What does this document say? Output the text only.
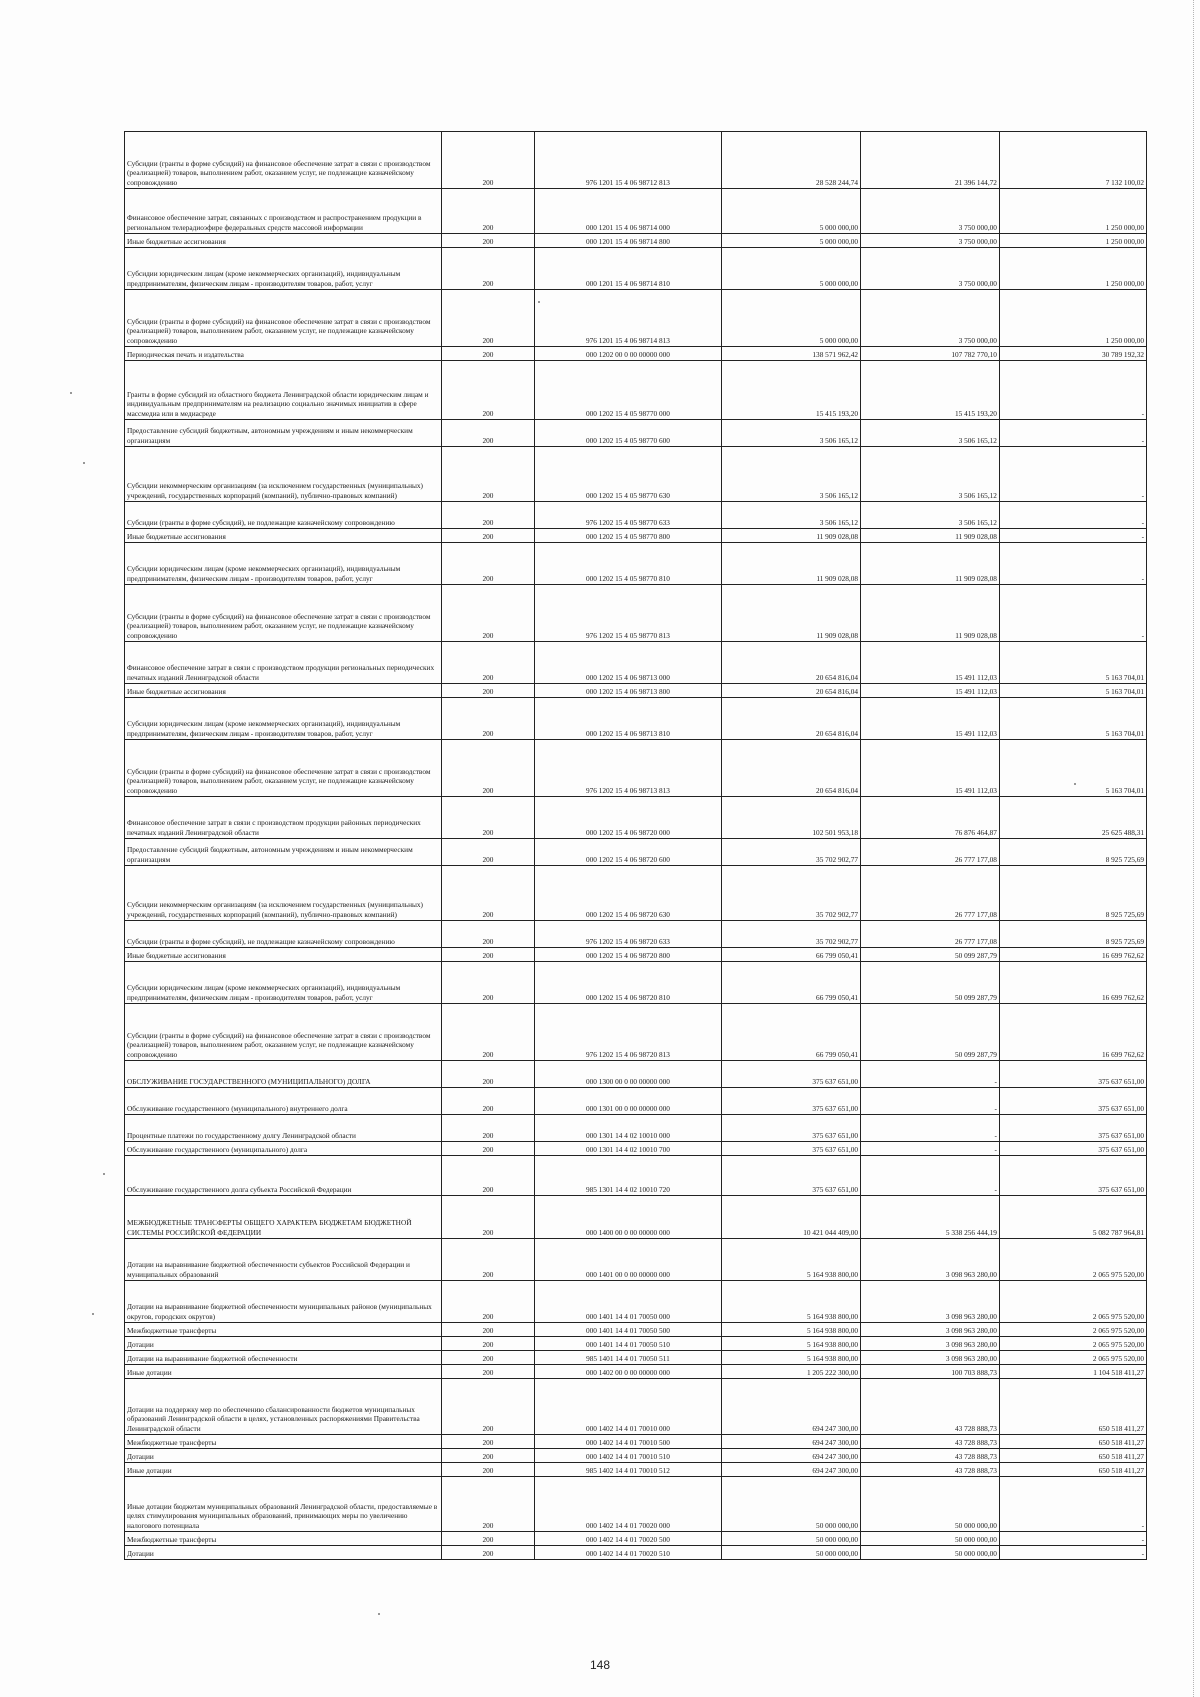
Субсидии (гранты в форме субсидий) на финансовое обеспечение затрат в связи с производством (реализацией) товаров, выполнением работ, оказанием услуг, не подлежащие казначейскому сопровождению	200	976 1201 15 4 06 98712 813	28 528 244,74	21 396 144,72	7 132 100,02
Финансовое обеспечение затрат, связанных с производством и распространением продукции в региональном телерадиоэфире федеральных средств массовой информации	200	000 1201 15 4 06 98714 000	5 000 000,00	3 750 000,00	1 250 000,00
Иные бюджетные ассигнования	200	000 1201 15 4 06 98714 800	5 000 000,00	3 750 000,00	1 250 000,00
Субсидии юридическим лицам (кроме некоммерческих организаций), индивидуальным предпринимателям, физическим лицам - производителям товаров, работ, услуг	200	000 1201 15 4 06 98714 810	5 000 000,00	3 750 000,00	1 250 000,00
Субсидии (гранты в форме субсидий) на финансовое обеспечение затрат в связи с производством (реализацией) товаров, выполнением работ, оказанием услуг, не подлежащие казначейскому сопровождению	200	976 1201 15 4 06 98714 813	5 000 000,00	3 750 000,00	1 250 000,00
Периодическая печать и издательства	200	000 1202 00 0 00 00000 000	138 571 962,42	107 782 770,10	30 789 192,32
Гранты в форме субсидий из областного бюджета Ленинградской области юридическим лицам и индивидуальным предпринимателям на реализацию социально значимых инициатив в сфере массмедиа или в медиасреде	200	000 1202 15 4 05 98770 000	15 415 193,20	15 415 193,20	-
Предоставление субсидий бюджетным, автономным учреждениям и иным некоммерческим организациям	200	000 1202 15 4 05 98770 600	3 506 165,12	3 506 165,12	-
Субсидии некоммерческим организациям (за исключением государственных (муниципальных) учреждений, государственных корпораций (компаний), публично-правовых компаний)	200	000 1202 15 4 05 98770 630	3 506 165,12	3 506 165,12	-
Субсидии (гранты в форме субсидий), не подлежащие казначейскому сопровождению	200	976 1202 15 4 05 98770 633	3 506 165,12	3 506 165,12	-
Иные бюджетные ассигнования	200	000 1202 15 4 05 98770 800	11 909 028,08	11 909 028,08	-
Субсидии юридическим лицам (кроме некоммерческих организаций), индивидуальным предпринимателям, физическим лицам - производителям товаров, работ, услуг	200	000 1202 15 4 05 98770 810	11 909 028,08	11 909 028,08	-
Субсидии (гранты в форме субсидий) на финансовое обеспечение затрат в связи с производством (реализацией) товаров, выполнением работ, оказанием услуг, не подлежащие казначейскому сопровождению	200	976 1202 15 4 05 98770 813	11 909 028,08	11 909 028,08	-
Финансовое обеспечение затрат в связи с производством продукции региональных периодических печатных изданий Ленинградской области	200	000 1202 15 4 06 98713 000	20 654 816,04	15 491 112,03	5 163 704,01
Иные бюджетные ассигнования	200	000 1202 15 4 06 98713 800	20 654 816,04	15 491 112,03	5 163 704,01
Субсидии юридическим лицам (кроме некоммерческих организаций), индивидуальным предпринимателям, физическим лицам - производителям товаров, работ, услуг	200	000 1202 15 4 06 98713 810	20 654 816,04	15 491 112,03	5 163 704,01
Субсидии (гранты в форме субсидий) на финансовое обеспечение затрат в связи с производством (реализацией) товаров, выполнением работ, оказанием услуг, не подлежащие казначейскому сопровождению	200	976 1202 15 4 06 98713 813	20 654 816,04	15 491 112,03	5 163 704,01
Финансовое обеспечение затрат в связи с производством продукции районных периодических печатных изданий Ленинградской области	200	000 1202 15 4 06 98720 000	102 501 953,18	76 876 464,87	25 625 488,31
Предоставление субсидий бюджетным, автономным учреждениям и иным некоммерческим организациям	200	000 1202 15 4 06 98720 600	35 702 902,77	26 777 177,08	8 925 725,69
Субсидии некоммерческим организациям (за исключением государственных (муниципальных) учреждений, государственных корпораций (компаний), публично-правовых компаний)	200	000 1202 15 4 06 98720 630	35 702 902,77	26 777 177,08	8 925 725,69
Субсидии (гранты в форме субсидий), не подлежащие казначейскому сопровождению	200	976 1202 15 4 06 98720 633	35 702 902,77	26 777 177,08	8 925 725,69
Иные бюджетные ассигнования	200	000 1202 15 4 06 98720 800	66 799 050,41	50 099 287,79	16 699 762,62
Субсидии юридическим лицам (кроме некоммерческих организаций), индивидуальным предпринимателям, физическим лицам - производителям товаров, работ, услуг	200	000 1202 15 4 06 98720 810	66 799 050,41	50 099 287,79	16 699 762,62
Субсидии (гранты в форме субсидий) на финансовое обеспечение затрат в связи с производством (реализацией) товаров, выполнением работ, оказанием услуг, не подлежащие казначейскому сопровождению	200	976 1202 15 4 06 98720 813	66 799 050,41	50 099 287,79	16 699 762,62
ОБСЛУЖИВАНИЕ ГОСУДАРСТВЕННОГО (МУНИЦИПАЛЬНОГО) ДОЛГА	200	000 1300 00 0 00 00000 000	375 637 651,00	-	375 637 651,00
Обслуживание государственного (муниципального) внутреннего долга	200	000 1301 00 0 00 00000 000	375 637 651,00	-	375 637 651,00
Процентные платежи по государственному долгу Ленинградской области	200	000 1301 14 4 02 10010 000	375 637 651,00	-	375 637 651,00
Обслуживание государственного (муниципального) долга	200	000 1301 14 4 02 10010 700	375 637 651,00	-	375 637 651,00
Обслуживание государственного долга субъекта Российской Федерации	200	985 1301 14 4 02 10010 720	375 637 651,00	-	375 637 651,00
МЕЖБЮДЖЕТНЫЕ ТРАНСФЕРТЫ ОБЩЕГО ХАРАКТЕРА БЮДЖЕТАМ БЮДЖЕТНОЙ СИСТЕМЫ РОССИЙСКОЙ ФЕДЕРАЦИИ	200	000 1400 00 0 00 00000 000	10 421 044 409,00	5 338 256 444,19	5 082 787 964,81
Дотации на выравнивание бюджетной обеспеченности субъектов Российской Федерации и муниципальных образований	200	000 1401 00 0 00 00000 000	5 164 938 800,00	3 098 963 280,00	2 065 975 520,00
Дотации на выравнивание бюджетной обеспеченности муниципальных районов (муниципальных округов, городских округов)	200	000 1401 14 4 01 70050 000	5 164 938 800,00	3 098 963 280,00	2 065 975 520,00
Межбюджетные трансферты	200	000 1401 14 4 01 70050 500	5 164 938 800,00	3 098 963 280,00	2 065 975 520,00
Дотации	200	000 1401 14 4 01 70050 510	5 164 938 800,00	3 098 963 280,00	2 065 975 520,00
Дотации на выравнивание бюджетной обеспеченности	200	985 1401 14 4 01 70050 511	5 164 938 800,00	3 098 963 280,00	2 065 975 520,00
Иные дотации	200	000 1402 00 0 00 00000 000	1 205 222 300,00	100 703 888,73	1 104 518 411,27
Дотации на поддержку мер по обеспечению сбалансированности бюджетов муниципальных образований Ленинградской области в целях, установленных распоряжениями Правительства Ленинградской области	200	000 1402 14 4 01 70010 000	694 247 300,00	43 728 888,73	650 518 411,27
Межбюджетные трансферты	200	000 1402 14 4 01 70010 500	694 247 300,00	43 728 888,73	650 518 411,27
Дотации	200	000 1402 14 4 01 70010 510	694 247 300,00	43 728 888,73	650 518 411,27
Иные дотации	200	985 1402 14 4 01 70010 512	694 247 300,00	43 728 888,73	650 518 411,27
Иные дотации бюджетам муниципальных образований Ленинградской области, предоставляемые в целях стимулирования муниципальных образований, принимающих меры по увеличению налогового потенциала	200	000 1402 14 4 01 70020 000	50 000 000,00	50 000 000,00	-
Межбюджетные трансферты	200	000 1402 14 4 01 70020 500	50 000 000,00	50 000 000,00	-
Дотации	200	000 1402 14 4 01 70020 510	50 000 000,00	50 000 000,00	-
148
